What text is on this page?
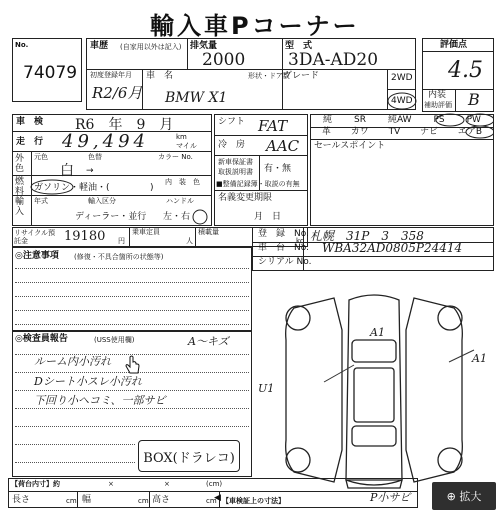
輸入車Pコーナー
No.
74079
車歴 (自家用以外は記入) 排気量
2000
型　式
3DA-AD20
初度登録年月
R2/6月
車　名
BMW X1
形状・ドア数
グレード	2WD
4WD
評価点
4.5
内装
補助評価 B
車　検 R6　年　9　月
走　行 49,494	km
マイル
外色
元色	色替
白 →
カラー No.
燃料 ガソリン・軽油・(	)
内　装　色
輸入
年式	輸入区分	ハンドル
ディーラー・並行 左・右
シフト FAT
冷　房 AAC
新車保証書
取扱説明書 有・無
■整備記録簿・取説の有無
名義変更期限
月　日
純 SR 純AW PS PW
革 カワ TV ナビ エアB
セールスポイント
リサイクル預託金	19180 円
乗車定員
人
積載量
kg
登　録　No. 札幌　31P　3　358
車　台　No. WBA32AD0805P24414
シリアル No.
◎注意事項 (修復・不具合箇所の状態等)
◎検査員報告	(USS使用欄)	A〜キズ
ルーム内小汚れ
Dシート小スレ小汚れ
下回り小ヘコミ、一部サビ
BOX(ドラレコ)
A1
U1
A1
P小サビ
【荷台内寸】約	×	×	(cm)
長さ	cm 幅	cm 高さ	cm 【車検証上の寸法】
◀	⊕ 拡大
